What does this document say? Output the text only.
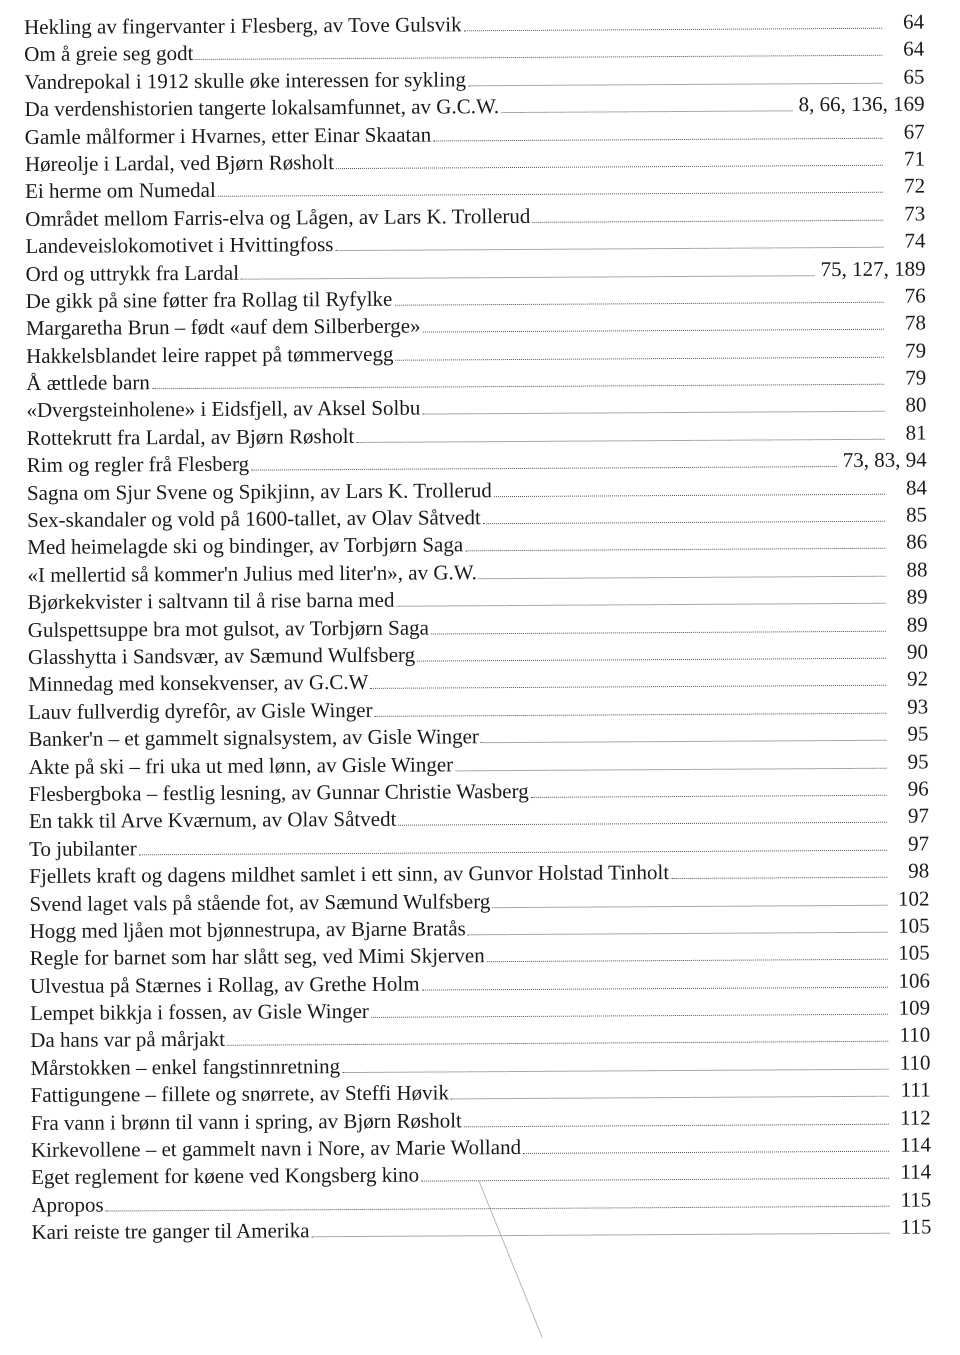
Hekling av fingervanter i Flesberg, av Tove Gulsvik	64
Om å greie seg godt	64
Vandrepokal i 1912 skulle øke interessen for sykling	65
Da verdenshistorien tangerte lokalsamfunnet, av G.C.W.	8, 66, 136, 169
Gamle målformer i Hvarnes, etter Einar Skaatan	67
Høreolje i Lardal, ved Bjørn Røsholt	71
Ei herme om Numedal	72
Området mellom Farris-elva og Lågen, av Lars K. Trollerud	73
Landeveislokomotivet i Hvittingfoss	74
Ord og uttrykk fra Lardal	75, 127, 189
De gikk på sine føtter fra Rollag til Ryfylke	76
Margaretha Brun – født «auf dem Silberberge»	78
Hakkelsblandet leire rappet på tømmervegg	79
Å ættlede barn	79
«Dvergsteinholene» i Eidsfjell, av Aksel Solbu	80
Rottekrutt fra Lardal, av Bjørn Røsholt	81
Rim og regler frå Flesberg	73, 83, 94
Sagna om Sjur Svene og Spikjinn, av Lars K. Trollerud	84
Sex-skandaler og vold på 1600-tallet, av Olav Såtvedt	85
Med heimelagde ski og bindinger, av Torbjørn Saga	86
«I mellertid så kommer'n Julius med liter'n», av G.W.	88
Bjørkekvister i saltvann til å rise barna med	89
Gulspettsuppe bra mot gulsot, av Torbjørn Saga	89
Glasshytta i Sandsvær, av Sæmund Wulfsberg	90
Minnedag med konsekvenser, av G.C.W	92
Lauv fullverdig dyrefôr, av Gisle Winger	93
Banker'n – et gammelt signalsystem, av Gisle Winger	95
Akte på ski – fri uka ut med lønn, av Gisle Winger	95
Flesbergboka – festlig lesning, av Gunnar Christie Wasberg	96
En takk til Arve Kværnum, av Olav Såtvedt	97
To jubilanter	97
Fjellets kraft og dagens mildhet samlet i ett sinn, av Gunvor Holstad Tinholt	98
Svend laget vals på stående fot, av Sæmund Wulfsberg	102
Hogg med ljåen mot bjønnestrupa, av Bjarne Bratås	105
Regle for barnet som har slått seg, ved Mimi Skjerven	105
Ulvestua på Stærnes i Rollag, av Grethe Holm	106
Lempet bikkja i fossen, av Gisle Winger	109
Da hans var på mårjakt	110
Mårstokken – enkel fangstinnretning	110
Fattigungene – fillete og snørrete, av Steffi Høvik	111
Fra vann i brønn til vann i spring, av Bjørn Røsholt	112
Kirkevollene – et gammelt navn i Nore, av Marie Wolland	114
Eget reglement for køene ved Kongsberg kino	114
Apropos	115
Kari reiste tre ganger til Amerika	115
